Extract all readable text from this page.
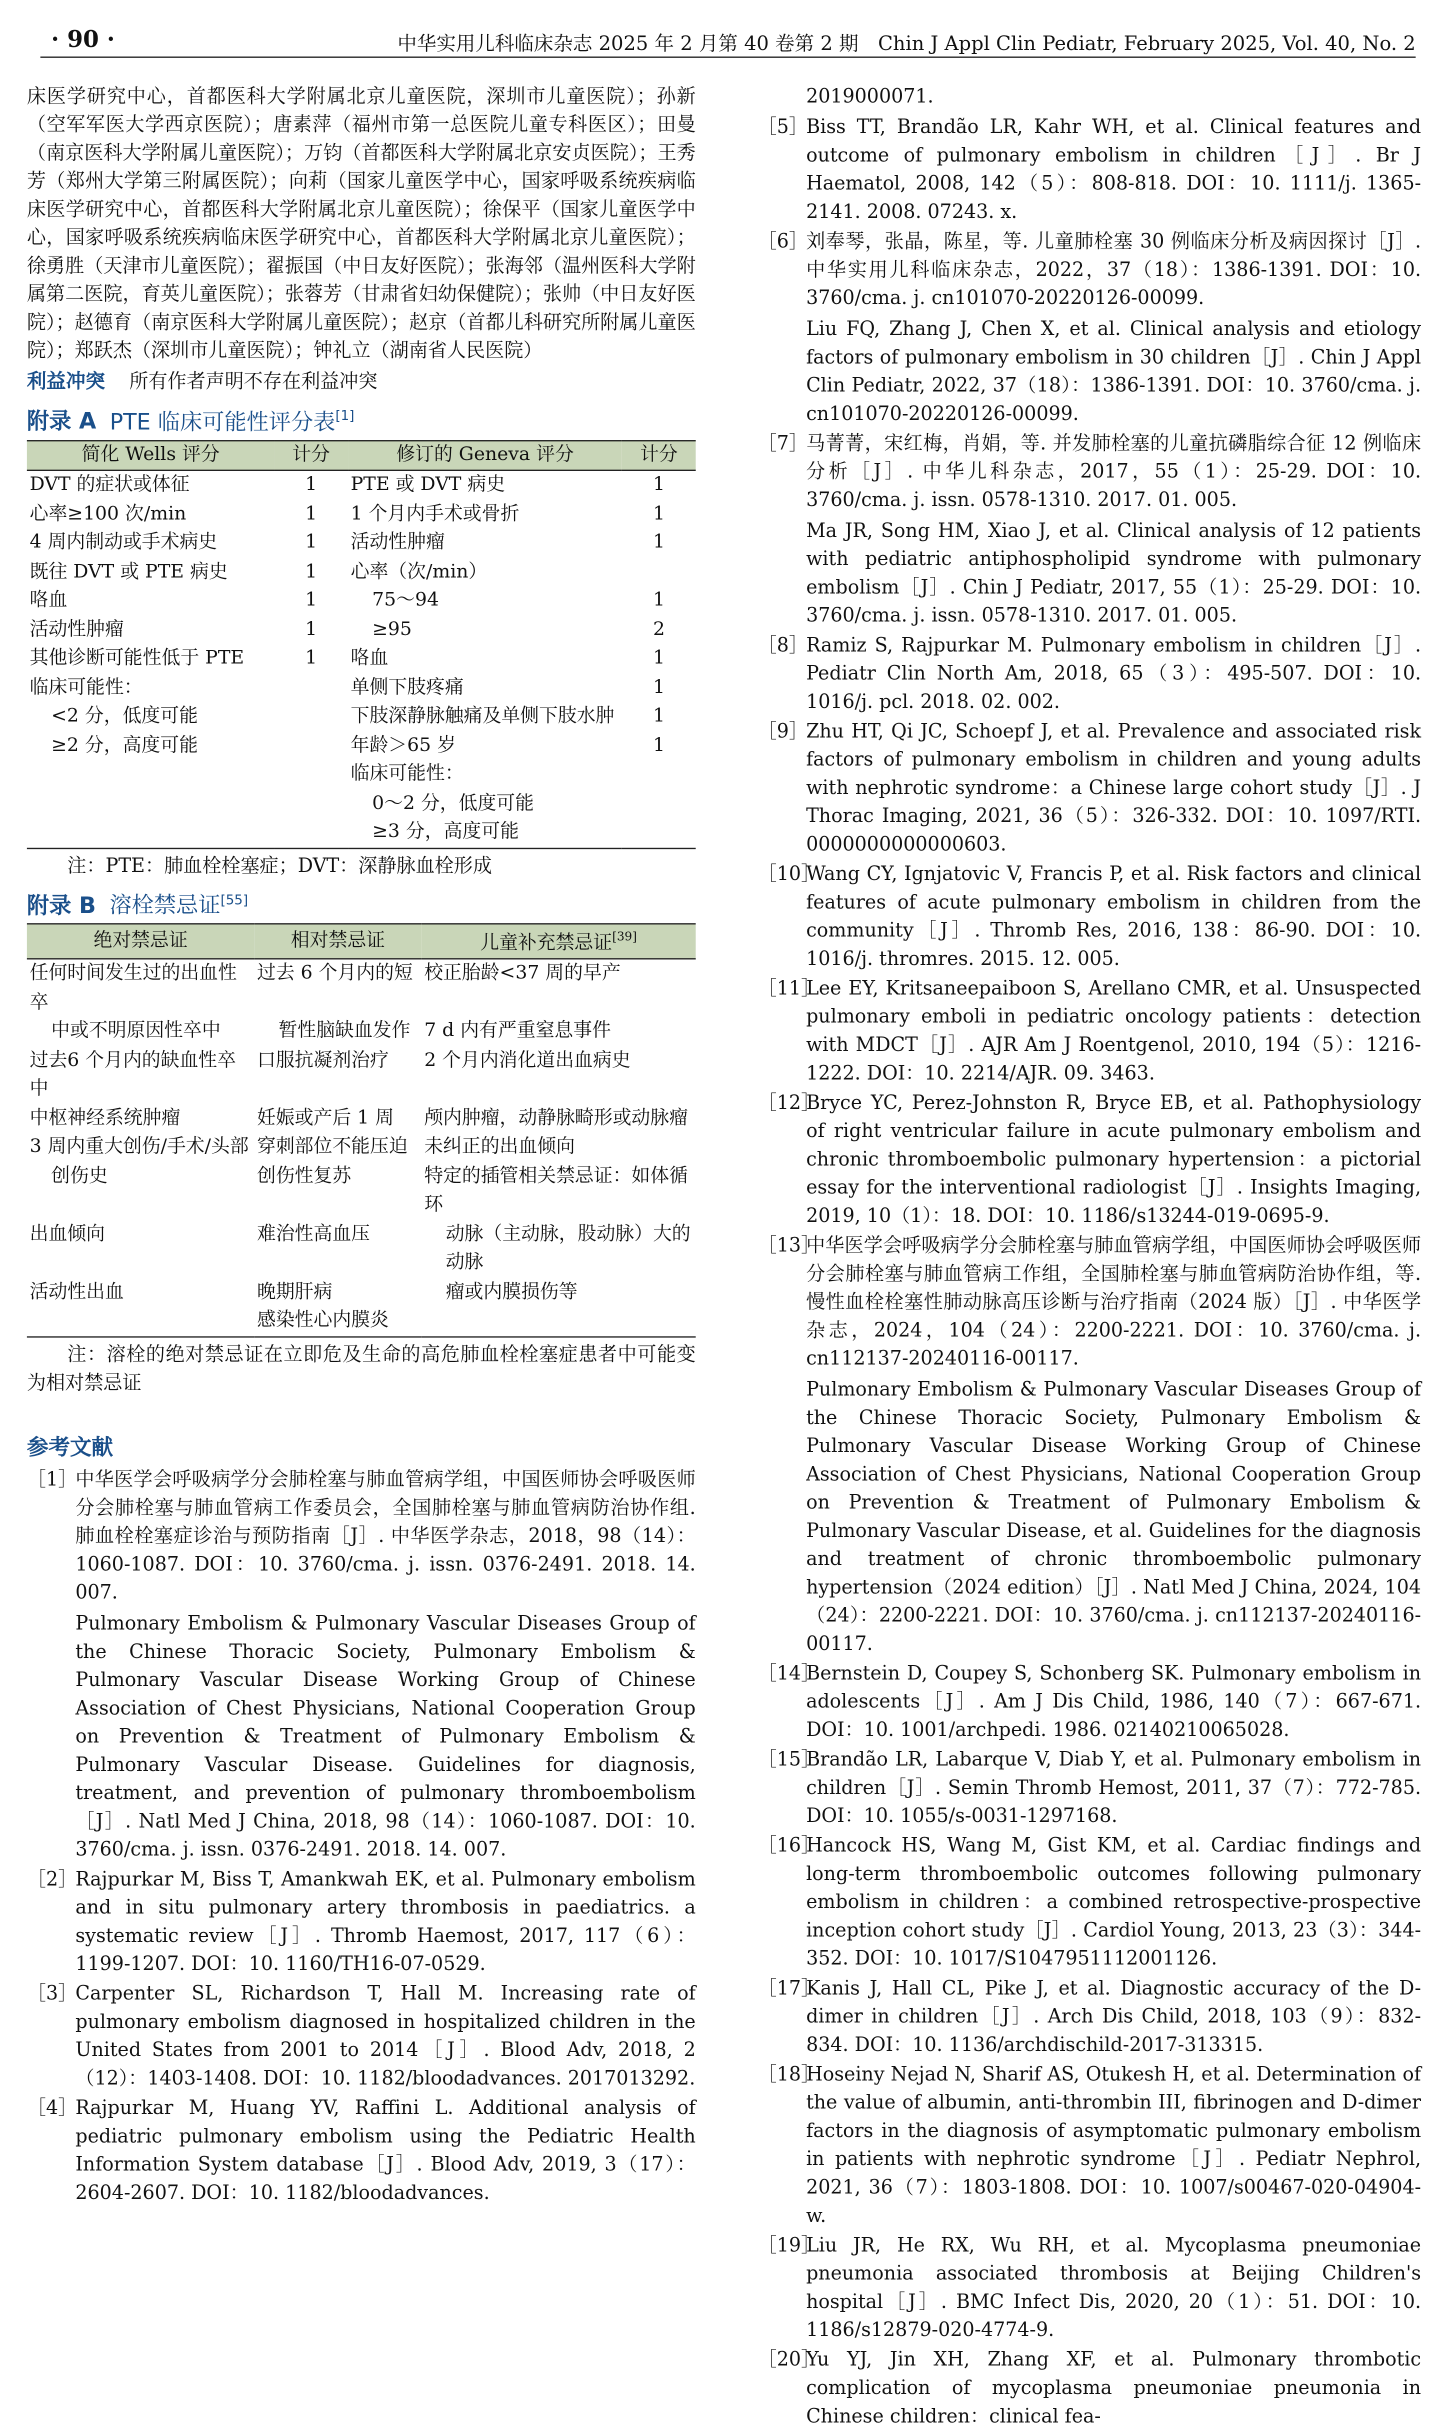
· 90 ·	中华实用儿科临床杂志 2025 年 2 月第 40 卷第 2 期　Chin J Appl Clin Pediatr, February 2025, Vol. 40, No. 2

床医学研究中心，首都医科大学附属北京儿童医院，深圳市儿童医院）；孙新（空军军医大学西京医院）；唐素萍（福州市第一总医院儿童专科医区）；田曼（南京医科大学附属儿童医院）；万钧（首都医科大学附属北京安贞医院）；王秀芳（郑州大学第三附属医院）；向莉（国家儿童医学中心，国家呼吸系统疾病临床医学研究中心，首都医科大学附属北京儿童医院）；徐保平（国家儿童医学中心，国家呼吸系统疾病临床医学研究中心，首都医科大学附属北京儿童医院）；徐勇胜（天津市儿童医院）；翟振国（中日友好医院）；张海邻（温州医科大学附属第二医院，育英儿童医院）；张蓉芳（甘肃省妇幼保健院）；张帅（中日友好医院）；赵德育（南京医科大学附属儿童医院）；赵京（首都儿科研究所附属儿童医院）；郑跃杰（深圳市儿童医院）；钟礼立（湖南省人民医院）

利益冲突 所有作者声明不存在利益冲突

附录 A PTE 临床可能性评分表[1]
简化 Wells 评分	计分	修订的 Geneva 评分	计分
DVT 的症状或体征	1	PTE 或 DVT 病史	1
心率≥100 次/min	1	1 个月内手术或骨折	1
4 周内制动或手术病史	1	活动性肿瘤	1
既往 DVT 或 PTE 病史	1	心率（次/min）	
咯血	1	75～94	1
活动性肿瘤	1	≥95	2
其他诊断可能性低于 PTE	1	咯血	1
临床可能性：		单侧下肢疼痛	1
<2 分，低度可能		下肢深静脉触痛及单侧下肢水肿	1
≥2 分，高度可能		年龄＞65 岁	1
		临床可能性：	
		0～2 分，低度可能	
		≥3 分，高度可能	

注：PTE：肺血栓栓塞症；DVT：深静脉血栓形成

附录 B 溶栓禁忌证[55]
绝对禁忌证	相对禁忌证	儿童补充禁忌证[39]
任何时间发生过的出血性卒	过去 6 个月内的短	校正胎龄<37 周的早产
中或不明原因性卒中	暂性脑缺血发作	7 d 内有严重窒息事件
过去6 个月内的缺血性卒中	口服抗凝剂治疗	2 个月内消化道出血病史
中枢神经系统肿瘤	妊娠或产后 1 周	颅内肿瘤，动静脉畸形或动脉瘤
3 周内重大创伤/手术/头部	穿刺部位不能压迫	未纠正的出血倾向
创伤史	创伤性复苏	特定的插管相关禁忌证：如体循环
出血倾向	难治性高血压	动脉（主动脉，股动脉）大的动脉
活动性出血	晚期肝病	瘤或内膜损伤等
	感染性心内膜炎	

注：溶栓的绝对禁忌证在立即危及生命的高危肺血栓栓塞症患者中可能变为相对禁忌证

参考文献
［1］
中华医学会呼吸病学分会肺栓塞与肺血管病学组，中国医师协会呼吸医师分会肺栓塞与肺血管病工作委员会，全国肺栓塞与肺血管病防治协作组. 肺血栓栓塞症诊治与预防指南［J］. 中华医学杂志，2018，98（14）：1060-1087. DOI：10. 3760/cma. j. issn. 0376-2491. 2018. 14. 007.
Pulmonary Embolism & Pulmonary Vascular Diseases Group of the Chinese Thoracic Society, Pulmonary Embolism & Pulmonary Vascular Disease Working Group of Chinese Association of Chest Physicians, National Cooperation Group on Prevention & Treatment of Pulmonary Embolism & Pulmonary Vascular Disease. Guidelines for diagnosis, treatment, and prevention of pulmonary thromboembolism［J］. Natl Med J China, 2018, 98（14）：1060-1087. DOI：10. 3760/cma. j. issn. 0376-2491. 2018. 14. 007.
［2］
Rajpurkar M, Biss T, Amankwah EK, et al. Pulmonary embolism and in situ pulmonary artery thrombosis in paediatrics. a systematic review［J］. Thromb Haemost, 2017, 117（6）：1199-1207. DOI：10. 1160/TH16-07-0529.
［3］
Carpenter SL, Richardson T, Hall M. Increasing rate of pulmonary embolism diagnosed in hospitalized children in the United States from 2001 to 2014［J］. Blood Adv, 2018, 2（12）：1403-1408. DOI：10. 1182/bloodadvances. 2017013292.
［4］
Rajpurkar M, Huang YV, Raffini L. Additional analysis of pediatric pulmonary embolism using the Pediatric Health Information System database［J］. Blood Adv, 2019, 3（17）：2604-2607. DOI：10. 1182/bloodadvances.

2019000071.

［5］
Biss TT, Brandão LR, Kahr WH, et al. Clinical features and outcome of pulmonary embolism in children［J］. Br J Haematol, 2008, 142（5）：808-818. DOI：10. 1111/j. 1365-2141. 2008. 07243. x.
［6］
刘奉琴，张晶，陈星，等. 儿童肺栓塞 30 例临床分析及病因探讨［J］. 中华实用儿科临床杂志，2022，37（18）：1386-1391. DOI：10. 3760/cma. j. cn101070-20220126-00099.
Liu FQ, Zhang J, Chen X, et al. Clinical analysis and etiology factors of pulmonary embolism in 30 children［J］. Chin J Appl Clin Pediatr, 2022, 37（18）：1386-1391. DOI：10. 3760/cma. j. cn101070-20220126-00099.
［7］
马菁菁，宋红梅，肖娟，等. 并发肺栓塞的儿童抗磷脂综合征 12 例临床分析［J］. 中华儿科杂志，2017，55（1）：25-29. DOI：10. 3760/cma. j. issn. 0578-1310. 2017. 01. 005.
Ma JR, Song HM, Xiao J, et al. Clinical analysis of 12 patients with pediatric antiphospholipid syndrome with pulmonary embolism［J］. Chin J Pediatr, 2017, 55（1）：25-29. DOI：10. 3760/cma. j. issn. 0578-1310. 2017. 01. 005.
［8］
Ramiz S, Rajpurkar M. Pulmonary embolism in children［J］. Pediatr Clin North Am, 2018, 65（3）：495-507. DOI：10. 1016/j. pcl. 2018. 02. 002.
［9］
Zhu HT, Qi JC, Schoepf J, et al. Prevalence and associated risk factors of pulmonary embolism in children and young adults with nephrotic syndrome：a Chinese large cohort study［J］. J Thorac Imaging, 2021, 36（5）：326-332. DOI：10. 1097/RTI. 0000000000000603.
［10］
Wang CY, Ignjatovic V, Francis P, et al. Risk factors and clinical features of acute pulmonary embolism in children from the community［J］. Thromb Res, 2016, 138：86-90. DOI：10. 1016/j. thromres. 2015. 12. 005.
［11］
Lee EY, Kritsaneepaiboon S, Arellano CMR, et al. Unsuspected pulmonary emboli in pediatric oncology patients：detection with MDCT［J］. AJR Am J Roentgenol, 2010, 194（5）：1216-1222. DOI：10. 2214/AJR. 09. 3463.
［12］
Bryce YC, Perez-Johnston R, Bryce EB, et al. Pathophysiology of right ventricular failure in acute pulmonary embolism and chronic thromboembolic pulmonary hypertension：a pictorial essay for the interventional radiologist［J］. Insights Imaging, 2019, 10（1）：18. DOI：10. 1186/s13244-019-0695-9.
［13］
中华医学会呼吸病学分会肺栓塞与肺血管病学组，中国医师协会呼吸医师分会肺栓塞与肺血管病工作组，全国肺栓塞与肺血管病防治协作组，等. 慢性血栓栓塞性肺动脉高压诊断与治疗指南（2024 版）［J］. 中华医学杂志，2024，104（24）：2200-2221. DOI：10. 3760/cma. j. cn112137-20240116-00117.
Pulmonary Embolism & Pulmonary Vascular Diseases Group of the Chinese Thoracic Society, Pulmonary Embolism & Pulmonary Vascular Disease Working Group of Chinese Association of Chest Physicians, National Cooperation Group on Prevention & Treatment of Pulmonary Embolism & Pulmonary Vascular Disease, et al. Guidelines for the diagnosis and treatment of chronic thromboembolic pulmonary hypertension（2024 edition）［J］. Natl Med J China, 2024, 104（24）：2200-2221. DOI：10. 3760/cma. j. cn112137-20240116-00117.
［14］
Bernstein D, Coupey S, Schonberg SK. Pulmonary embolism in adolescents［J］. Am J Dis Child, 1986, 140（7）：667-671. DOI：10. 1001/archpedi. 1986. 02140210065028.
［15］
Brandão LR, Labarque V, Diab Y, et al. Pulmonary embolism in children［J］. Semin Thromb Hemost, 2011, 37（7）：772-785. DOI：10. 1055/s-0031-1297168.
［16］
Hancock HS, Wang M, Gist KM, et al. Cardiac findings and long-term thromboembolic outcomes following pulmonary embolism in children：a combined retrospective-prospective inception cohort study［J］. Cardiol Young, 2013, 23（3）：344-352. DOI：10. 1017/S1047951112001126.
［17］
Kanis J, Hall CL, Pike J, et al. Diagnostic accuracy of the D-dimer in children［J］. Arch Dis Child, 2018, 103（9）：832-834. DOI：10. 1136/archdischild-2017-313315.
［18］
Hoseiny Nejad N, Sharif AS, Otukesh H, et al. Determination of the value of albumin, anti-thrombin III, fibrinogen and D-dimer factors in the diagnosis of asymptomatic pulmonary embolism in patients with nephrotic syndrome［J］. Pediatr Nephrol, 2021, 36（7）：1803-1808. DOI：10. 1007/s00467-020-04904-w.
［19］
Liu JR, He RX, Wu RH, et al. Mycoplasma pneumoniae pneumonia associated thrombosis at Beijing Children's hospital［J］. BMC Infect Dis, 2020, 20（1）：51. DOI：10. 1186/s12879-020-4774-9.
［20］
Yu YJ, Jin XH, Zhang XF, et al. Pulmonary thrombotic complication of mycoplasma pneumoniae pneumonia in Chinese children：clinical fea-
